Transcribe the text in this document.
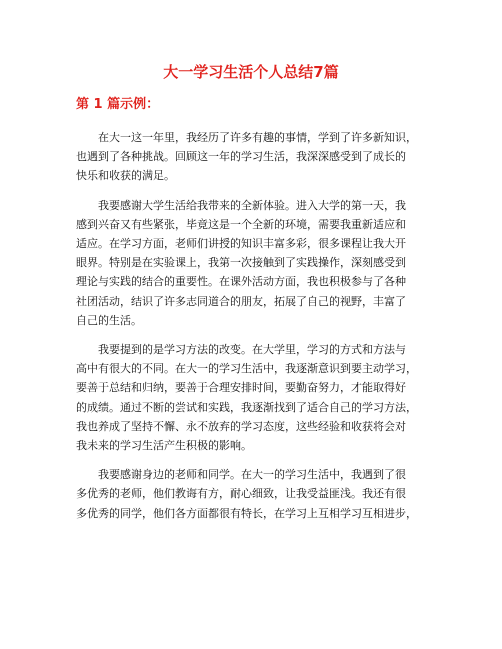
大一学习生活个人总结7篇
第 1 篇示例：

在大一这一年里，我经历了许多有趣的事情，学到了许多新知识，
也遇到了各种挑战。回顾这一年的学习生活，我深深感受到了成长的
快乐和收获的满足。

我要感谢大学生活给我带来的全新体验。进入大学的第一天，我
感到兴奋又有些紧张，毕竟这是一个全新的环境，需要我重新适应和
适应。在学习方面，老师们讲授的知识丰富多彩，很多课程让我大开
眼界。特别是在实验课上，我第一次接触到了实践操作，深刻感受到
理论与实践的结合的重要性。在课外活动方面，我也积极参与了各种
社团活动，结识了许多志同道合的朋友，拓展了自己的视野，丰富了
自己的生活。

我要提到的是学习方法的改变。在大学里，学习的方式和方法与
高中有很大的不同。在大一的学习生活中，我逐渐意识到要主动学习，
要善于总结和归纳，要善于合理安排时间，要勤奋努力，才能取得好
的成绩。通过不断的尝试和实践，我逐渐找到了适合自己的学习方法，
我也养成了坚持不懈、永不放弃的学习态度，这些经验和收获将会对
我未来的学习生活产生积极的影响。

我要感谢身边的老师和同学。在大一的学习生活中，我遇到了很
多优秀的老师，他们教诲有方，耐心细致，让我受益匪浅。我还有很
多优秀的同学，他们各方面都很有特长，在学习上互相学习互相进步，
